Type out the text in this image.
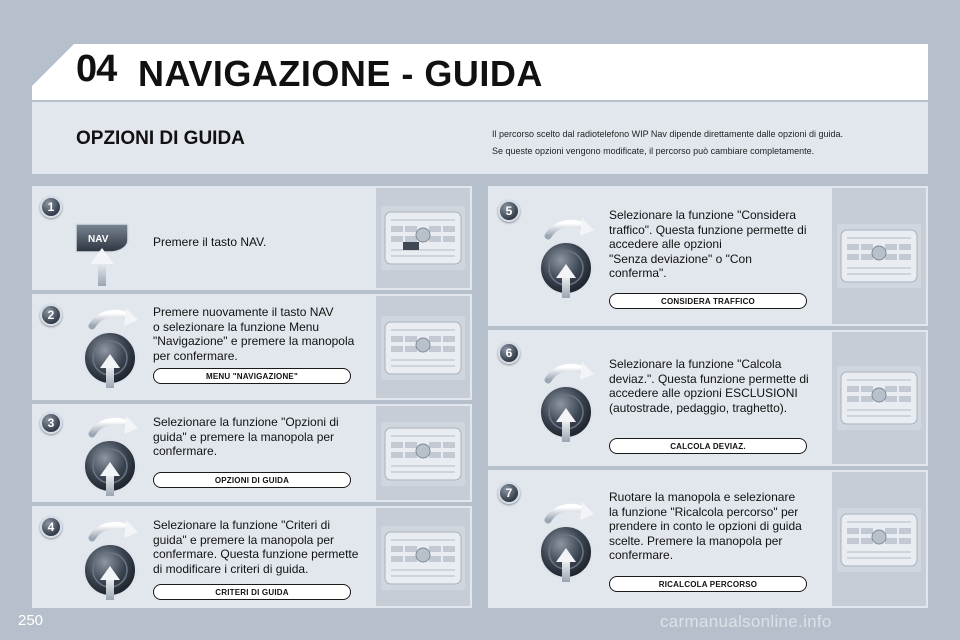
04 NAVIGAZIONE - GUIDA
OPZIONI DI GUIDA	Il percorso scelto dal radiotelefono WIP Nav dipende direttamente dalle opzioni di guida.
Se queste opzioni vengono modificate, il percorso può cambiare completamente.
1
NAV	Premere il tasto NAV.
2	Premere nuovamente il tasto NAV
o selezionare la funzione Menu
"Navigazione" e premere la manopola
per confermare.
MENU "NAVIGAZIONE"
3	Selezionare la funzione "Opzioni di
guida" e premere la manopola per
confermare.
OPZIONI DI GUIDA
4	Selezionare la funzione "Criteri di
guida" e premere la manopola per
confermare. Questa funzione permette
di modificare i criteri di guida.
CRITERI DI GUIDA
5	Selezionare la funzione "Considera
traffico". Questa funzione permette di
accedere alle opzioni
"Senza deviazione" o "Con
conferma".
CONSIDERA TRAFFICO
6
Selezionare la funzione "Calcola
deviaz.". Questa funzione permette di
accedere alle opzioni ESCLUSIONI
(autostrade, pedaggio, traghetto).
CALCOLA DEVIAZ.
7	Ruotare la manopola e selezionare
la funzione "Ricalcola percorso" per
prendere in conto le opzioni di guida
scelte. Premere la manopola per
confermare.
RICALCOLA PERCORSO
250	carmanualsonline.info
